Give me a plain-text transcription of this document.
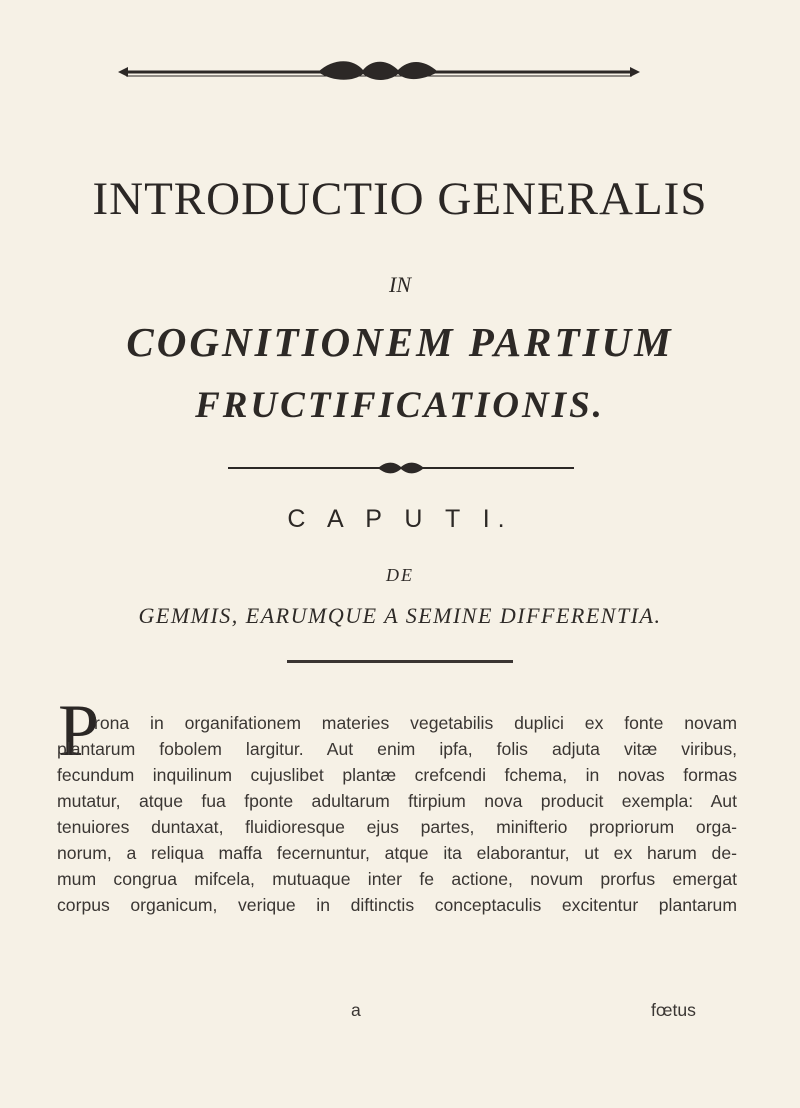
INTRODUCTIO GENERALIS
IN
COGNITIONEM PARTIUM
FRUCTIFICATIONIS.
C A P U T I.
DE
GEMMIS, EARUMQUE A SEMINE DIFFERENTIA.
P
rona in organifationem materies vegetabilis duplici ex fonte novam
plantarum fobolem largitur. Aut enim ipfa, folis adjuta vitæ viribus,
fecundum inquilinum cujuslibet plantæ crefcendi fchema, in novas formas
mutatur, atque fua fponte adultarum ftirpium nova producit exempla: Aut
tenuiores duntaxat, fluidioresque ejus partes, minifterio propriorum orga-
norum, a reliqua maffa fecernuntur, atque ita elaborantur, ut ex harum de-
mum congrua mifcela, mutuaque inter fe actione, novum prorfus emergat
corpus organicum, verique in diftinctis conceptaculis excitentur plantarum
a	fœtus
